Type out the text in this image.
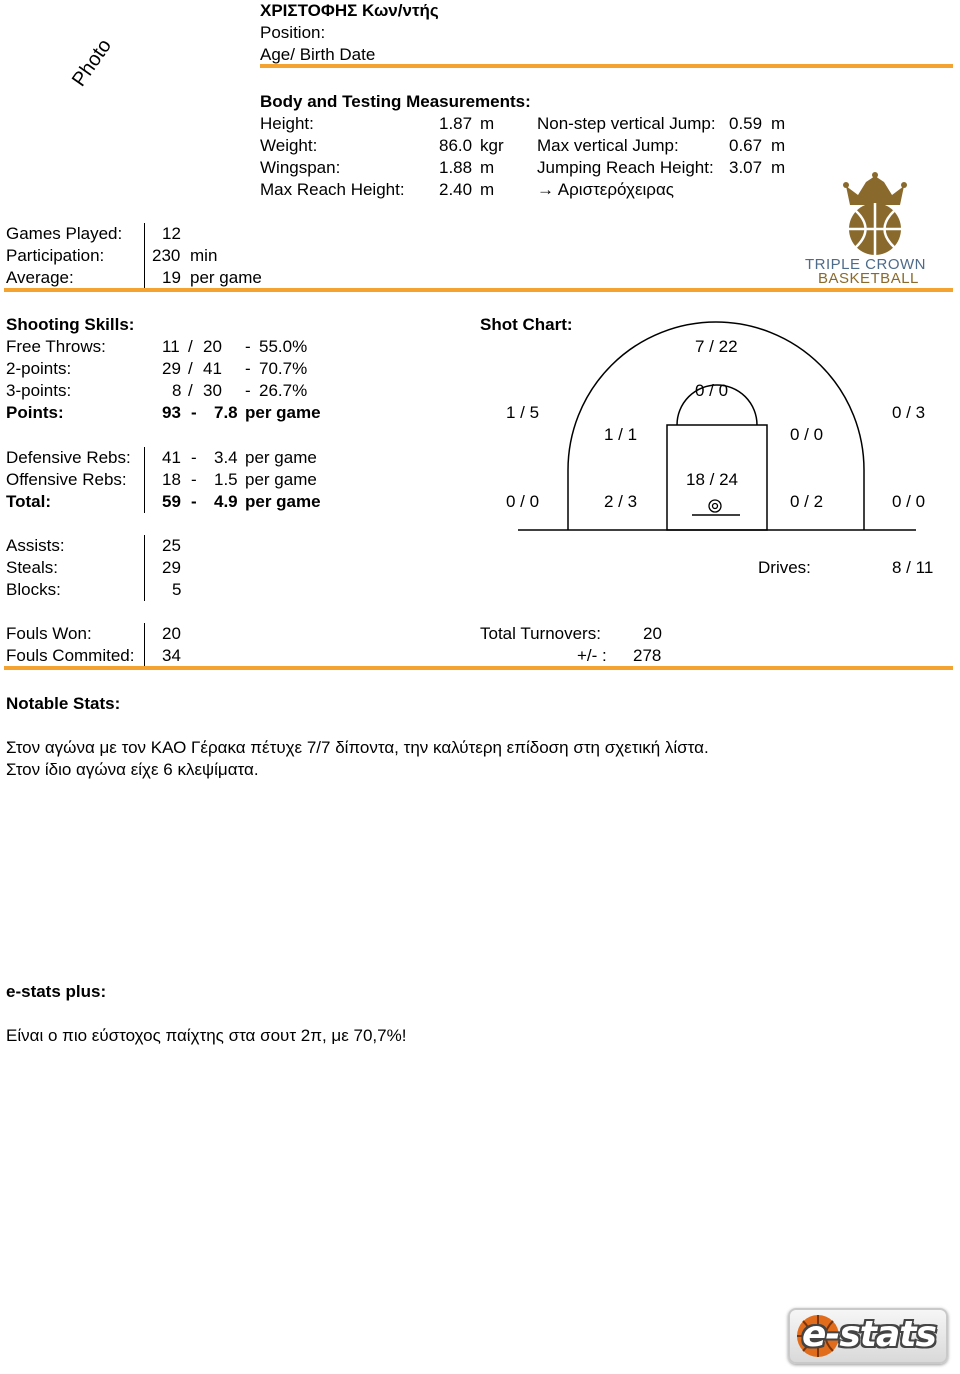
Photo
ΧΡΙΣΤΟΦΗΣ Κων/ντής
Position:
Age/ Birth Date
Body and Testing Measurements:
Height:	1.87 m
Weight:	86.0 kgr
Wingspan:	1.88 m
Max Reach Height: 2.40 m
Non-step vertical Jump: 0.59 m
Max vertical Jump:	0.67 m
Jumping Reach Height: 3.07 m
→ Αριστερόχειρας
TRIPLE CROWN
BASKETBALL
Games Played: 12
Participation:	230 min
Average:	19 per game
Shooting Skills:
Free Throws:	11 / 20 - 55.0%
2-points:	29 / 41 - 70.7%
3-points:	8 / 30 - 26.7%
Points:	93 - 7.8 per game
Defensive Rebs: 41 - 3.4 per game
Offensive Rebs: 18 - 1.5 per game
Total:	59 - 4.9 per game
Shot Chart:
7 / 22
0 / 0
1 / 5	0 / 3
1 / 1	0 / 0
18 / 24
0 / 0	2 / 3	0 / 2	0 / 0
Drives:	8 / 11
Assists:	25
Steals:	29
Blocks:	5
Fouls Won:	20
Fouls Commited: 34
Total Turnovers: 20
+/- : 278
Notable Stats:
Στον αγώνα με τον ΚΑΟ Γέρακα πέτυχε 7/7 δίποντα, την καλύτερη επίδοση στη σχετική λίστα.
Στον ίδιο αγώνα είχε 6 κλεψίματα.
e-stats plus:
Είναι ο πιο εύστοχος παίχτης στα σουτ 2π, με 70,7%!
e-stats
